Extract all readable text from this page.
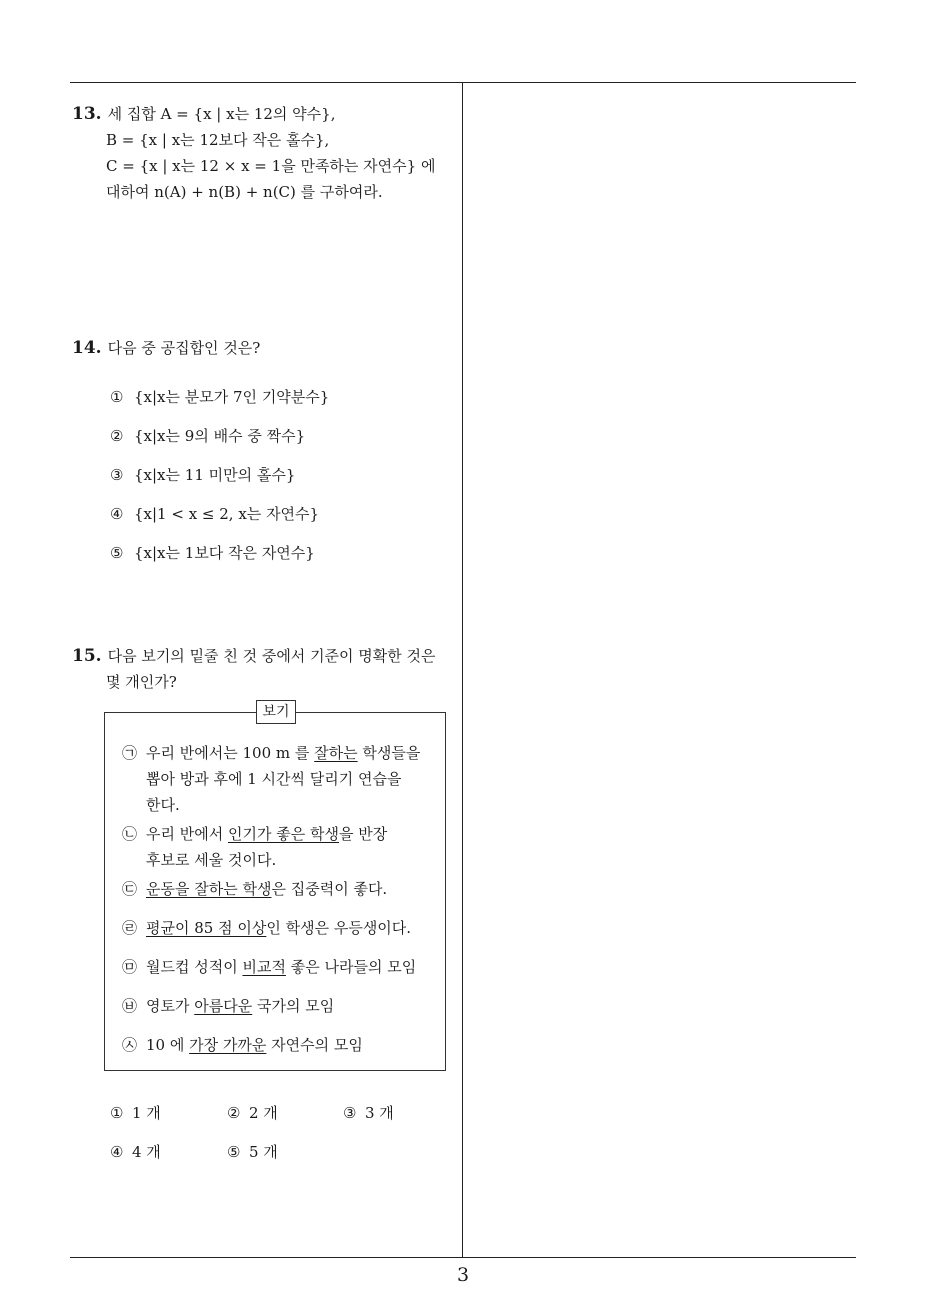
3
13. 세 집합 A = {x | x는 12의 약수},
B = {x | x는 12보다 작은 홀수},
C = {x | x는 12 × x = 1을 만족하는 자연수} 에
대하여 n(A) + n(B) + n(C) 를 구하여라.
14. 다음 중 공집합인 것은?
① {x|x는 분모가 7인 기약분수}
② {x|x는 9의 배수 중 짝수}
③ {x|x는 11 미만의 홀수}
④ {x|1 < x ≤ 2, x는 자연수}
⑤ {x|x는 1보다 작은 자연수}
15. 다음 보기의 밑줄 친 것 중에서 기준이 명확한 것은
몇 개인가?
보기
㉠ 우리 반에서는 100 m 를 잘하는 학생들을
뽑아 방과 후에 1 시간씩 달리기 연습을
한다.
㉡ 우리 반에서 인기가 좋은 학생을 반장
후보로 세울 것이다.
㉢ 운동을 잘하는 학생은 집중력이 좋다.
㉣ 평균이 85 점 이상인 학생은 우등생이다.
㉤ 월드컵 성적이 비교적 좋은 나라들의 모임
㉥ 영토가 아름다운 국가의 모임
㉦ 10 에 가장 가까운 자연수의 모임
① 1 개	② 2 개	③ 3 개
④ 4 개	⑤ 5 개
